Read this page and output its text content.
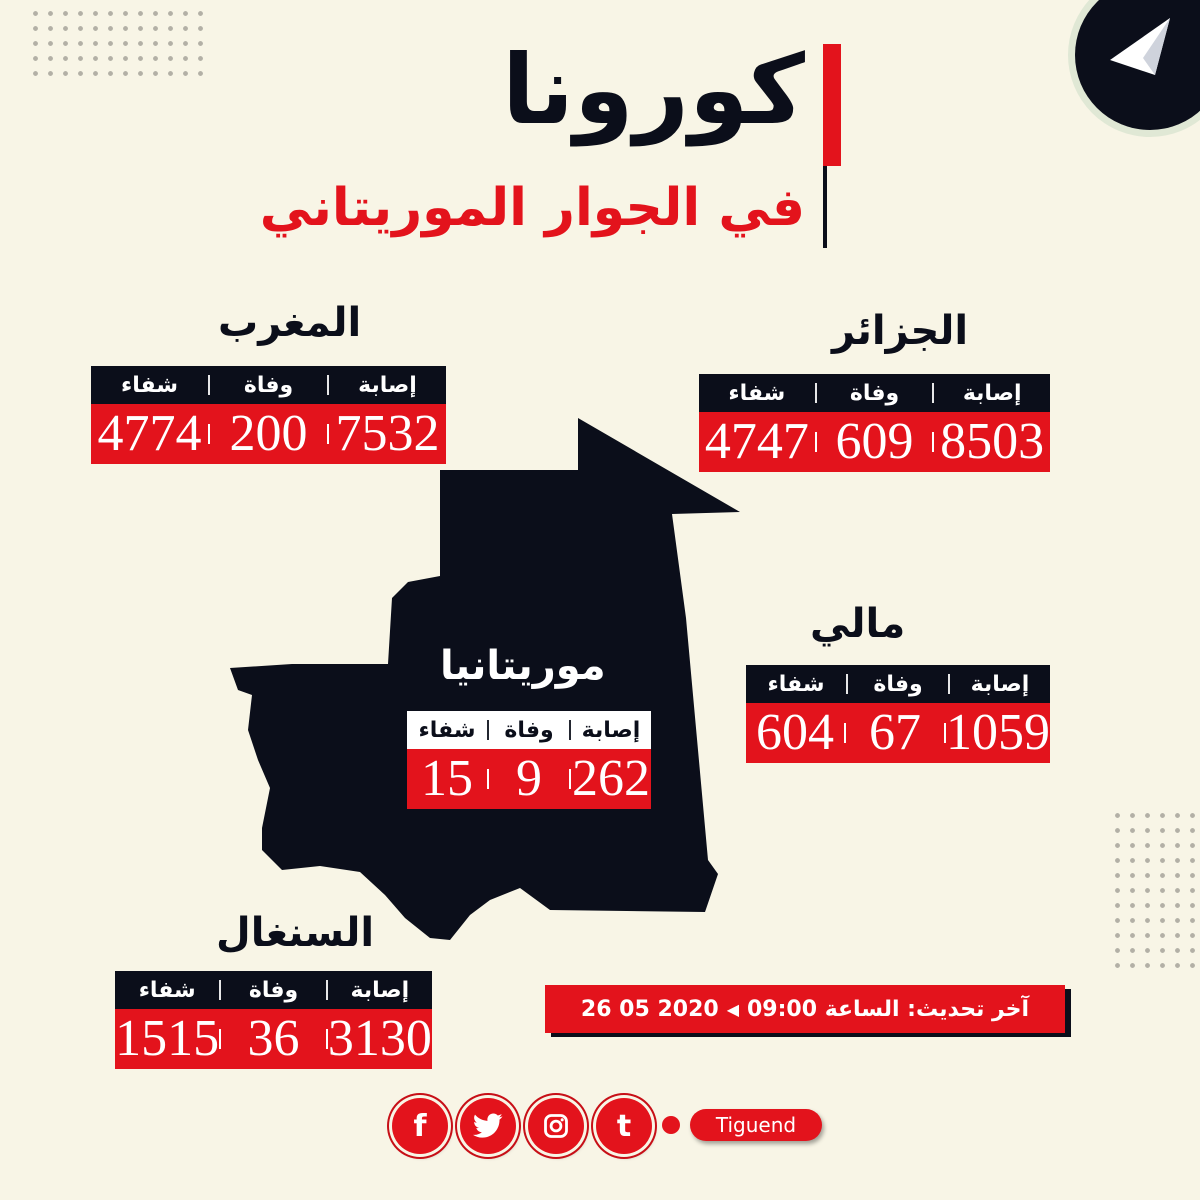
كورونا
في الجوار الموريتاني
المغرب
إصابة
وفاة
شفاء
7532
200
4774
الجزائر
إصابة
وفاة
شفاء
8503
609
4747
مالي
إصابة
وفاة
شفاء
1059
67
604
موريتانيا
إصابة
وفاة
شفاء
262
9
15
السنغال
إصابة
وفاة
شفاء
3130
36
1515
آخر تحديث: الساعة 09:00
◀
26 05 2020
f	t	Tiguend
